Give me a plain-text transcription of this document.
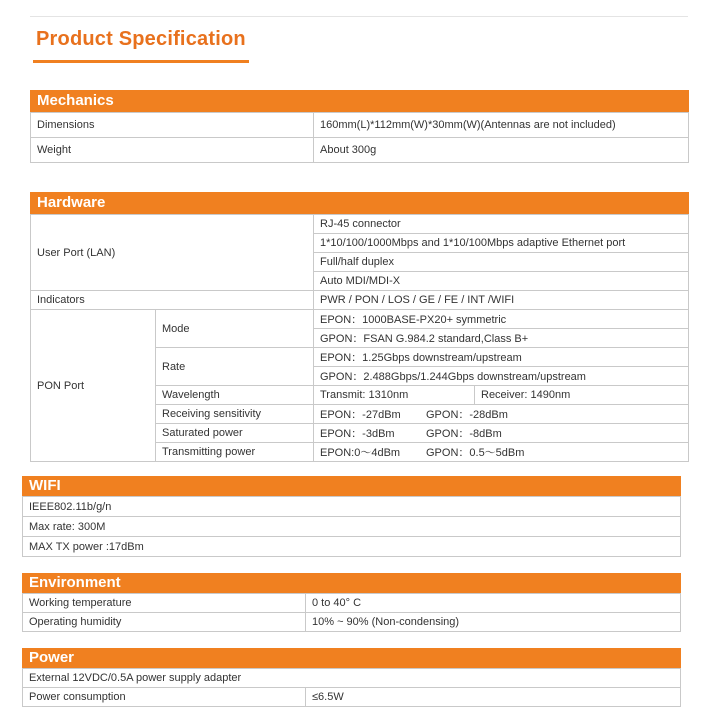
Product Specification
Mechanics
Dimensions	160mm(L)*112mm(W)*30mm(W)(Antennas are not included)
Weight	About 300g
Hardware
User Port (LAN)		RJ-45 connector	
		1*10/100/1000Mbps and 1*10/100Mbps adaptive Ethernet port	
		Full/half duplex	
		Auto MDI/MDI-X	
Indicators		PWR / PON / LOS / GE / FE / INT /WIFI	
PON Port	Mode	EPON：1000BASE-PX20+ symmetric	
		GPON：FSAN G.984.2 standard,Class B+	
	Rate	EPON：1.25Gbps downstream/upstream	
		GPON：2.488Gbps/1.244Gbps downstream/upstream	
	Wavelength	Transmit: 1310nm	Receiver: 1490nm
	Receiving sensitivity	EPON：-27dBm GPON：-28dBm	
	Saturated power	EPON：-3dBm GPON：-8dBm	
	Transmitting power	EPON:0～4dBm GPON：0.5～5dBm	
WIFI
IEEE802.11b/g/n
Max rate: 300M
MAX TX power :17dBm
Environment
Working temperature	0 to 40° C
Operating humidity	10% ~ 90% (Non-condensing)
Power
External 12VDC/0.5A power supply adapter
Power consumption	≤6.5W
